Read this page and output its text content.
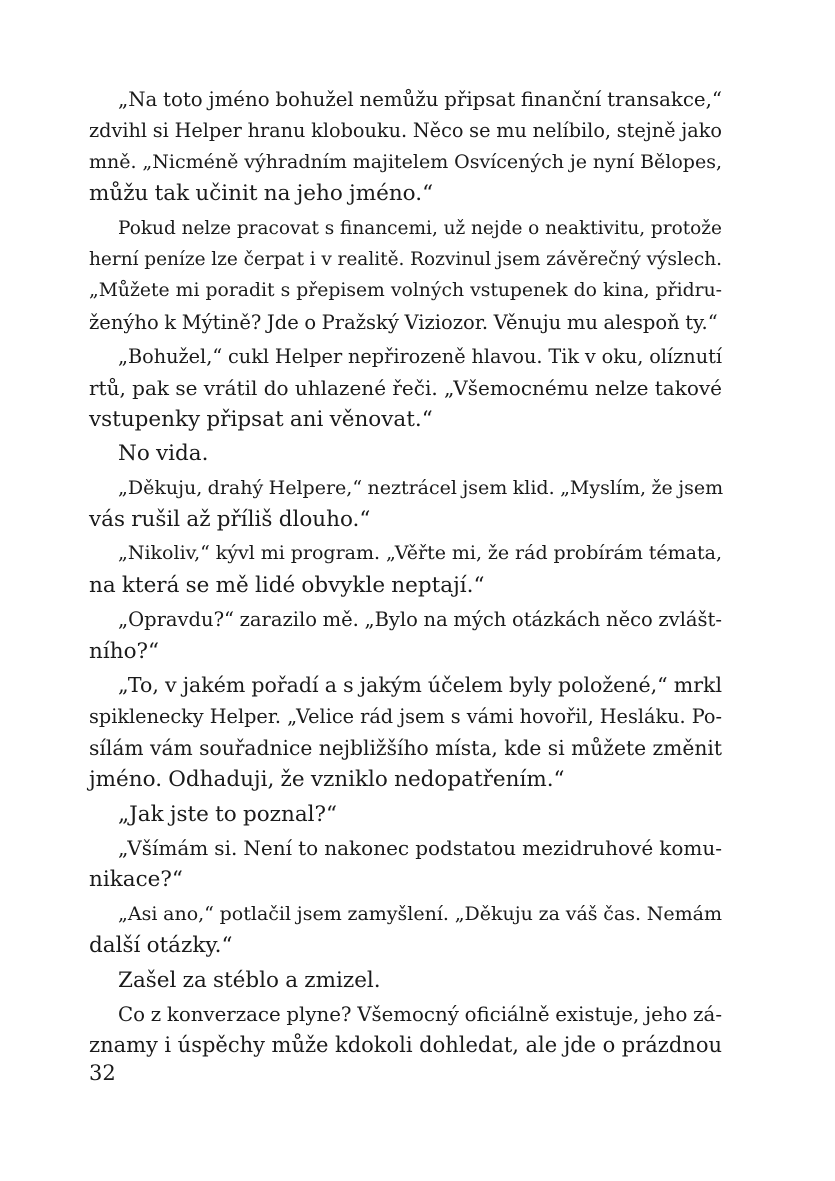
„Na toto jméno bohužel nemůžu připsat finanční transakce,“
zdvihl si Helper hranu klobouku. Něco se mu nelíbilo, stejně jako
mně. „Nicméně výhradním majitelem Osvícených je nyní Bělopes,
můžu tak učinit na jeho jméno.“
Pokud nelze pracovat s financemi, už nejde o neaktivitu, protože
herní peníze lze čerpat i v realitě. Rozvinul jsem závěrečný výslech.
„Můžete mi poradit s přepisem volných vstupenek do kina, přidru-
ženýho k Mýtině? Jde o Pražský Viziozor. Věnuju mu alespoň ty.“
„Bohužel,“ cukl Helper nepřirozeně hlavou. Tik v oku, olíznutí
rtů, pak se vrátil do uhlazené řeči. „Všemocnému nelze takové
vstupenky připsat ani věnovat.“
No vida.
„Děkuju, drahý Helpere,“ neztrácel jsem klid. „Myslím, že jsem
vás rušil až příliš dlouho.“
„Nikoliv,“ kývl mi program. „Věřte mi, že rád probírám témata,
na která se mě lidé obvykle neptají.“
„Opravdu?“ zarazilo mě. „Bylo na mých otázkách něco zvlášt-
ního?“
„To, v jakém pořadí a s jakým účelem byly položené,“ mrkl
spiklenecky Helper. „Velice rád jsem s vámi hovořil, Hesláku. Po-
sílám vám souřadnice nejbližšího místa, kde si můžete změnit
jméno. Odhaduji, že vzniklo nedopatřením.“
„Jak jste to poznal?“
„Všímám si. Není to nakonec podstatou mezidruhové komu-
nikace?“
„Asi ano,“ potlačil jsem zamyšlení. „Děkuju za váš čas. Nemám
další otázky.“
Zašel za stéblo a zmizel.
Co z konverzace plyne? Všemocný oficiálně existuje, jeho zá-
znamy i úspěchy může kdokoli dohledat, ale jde o prázdnou
32
